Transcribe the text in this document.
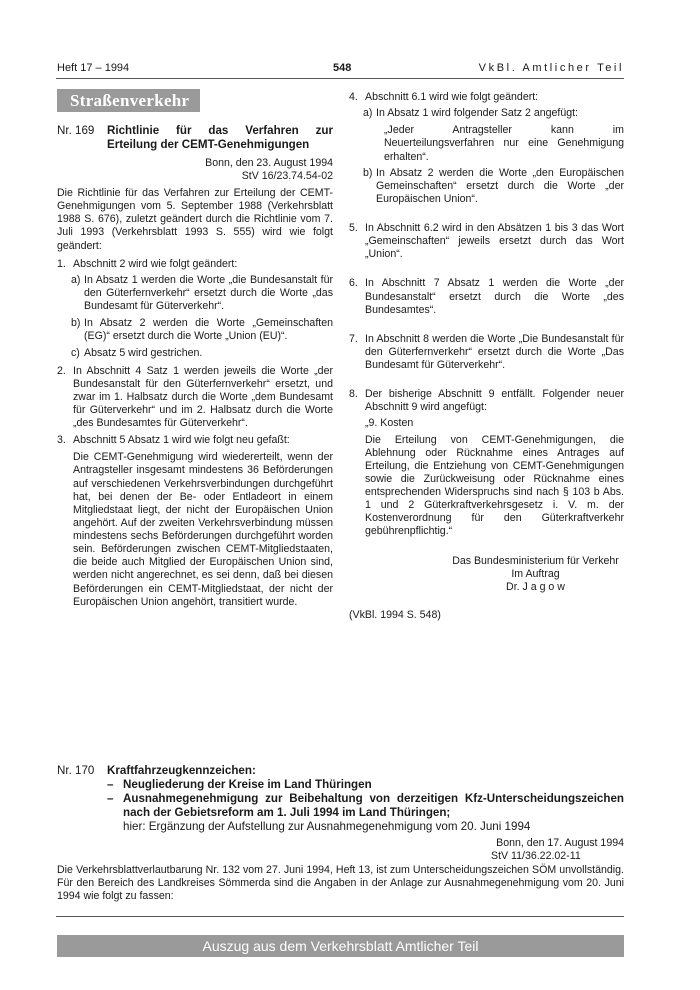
Heft 17 – 1994	548	VkBl. Amtlicher Teil
Straßenverkehr
Nr. 169 Richtlinie für das Verfahren zur
Erteilung der CEMT-Genehmigungen
Bonn, den 23. August 1994
StV 16/23.74.54-02

Die Richtlinie für das Verfahren zur Erteilung der CEMT-Genehmigungen vom 5. September 1988 (Verkehrsblatt 1988 S. 676), zuletzt geändert durch die Richtlinie vom 7. Juli 1993 (Verkehrsblatt 1993 S. 555) wird wie folgt geändert:

1. Abschnitt 2 wird wie folgt geändert:
a) In Absatz 1 werden die Worte „die Bundesanstalt für den Güterfernverkehr“ ersetzt durch die Worte „das Bundesamt für Güterverkehr“.
b) In Absatz 2 werden die Worte „Gemeinschaften (EG)“ ersetzt durch die Worte „Union (EU)“.
c) Absatz 5 wird gestrichen.
2. In Abschnitt 4 Satz 1 werden jeweils die Worte „der Bundesanstalt für den Güterfernverkehr“ ersetzt, und zwar im 1. Halbsatz durch die Worte „dem Bundesamt für Güterverkehr“ und im 2. Halbsatz durch die Worte „des Bundesamtes für Güterverkehr“.
3. Abschnitt 5 Absatz 1 wird wie folgt neu gefaßt:

Die CEMT-Genehmigung wird wiedererteilt, wenn der Antragsteller insgesamt mindestens 36 Beförderungen auf verschiedenen Verkehrsverbindungen durchgeführt hat, bei denen der Be- oder Entladeort in einem Mitgliedstaat liegt, der nicht der Europäischen Union angehört. Auf der zweiten Verkehrsverbindung müssen mindestens sechs Beförderungen durchgeführt worden sein. Beförderungen zwischen CEMT-Mitgliedstaaten, die beide auch Mitglied der Europäischen Union sind, werden nicht angerechnet, es sei denn, daß bei diesen Beförderungen ein CEMT-Mitgliedstaat, der nicht der Europäischen Union angehört, transitiert wurde.

4. Abschnitt 6.1 wird wie folgt geändert:
a) In Absatz 1 wird folgender Satz 2 angefügt:

„Jeder Antragsteller kann im Neuerteilungsverfahren nur eine Genehmigung erhalten“.

b) In Absatz 2 werden die Worte „den Europäischen Gemeinschaften“ ersetzt durch die Worte „der Europäischen Union“.
5. In Abschnitt 6.2 wird in den Absätzen 1 bis 3 das Wort „Gemeinschaften“ jeweils ersetzt durch das Wort „Union“.
6. In Abschnitt 7 Absatz 1 werden die Worte „der Bundesanstalt“ ersetzt durch die Worte „des Bundesamtes“.
7. In Abschnitt 8 werden die Worte „Die Bundesanstalt für den Güterfernverkehr“ ersetzt durch die Worte „Das Bundesamt für Güterverkehr“.
8. Der bisherige Abschnitt 9 entfällt. Folgender neuer Abschnitt 9 wird angefügt:

„9. Kosten

Die Erteilung von CEMT-Genehmigungen, die Ablehnung oder Rücknahme eines Antrages auf Erteilung, die Entziehung von CEMT-Genehmigungen sowie die Zurückweisung oder Rücknahme eines entsprechenden Widerspruchs sind nach § 103 b Abs. 1 und 2 Güterkraftverkehrsgesetz i. V. m. der Kostenverordnung für den Güterkraftverkehr gebührenpflichtig.“

Das Bundesministerium für Verkehr
Im Auftrag
Dr. J a g o w
(VkBl. 1994 S. 548)
Nr. 170 Kraftfahrzeugkennzeichen:
– Neugliederung der Kreise im Land Thüringen
– Ausnahmegenehmigung zur Beibehaltung von derzeitigen Kfz-Unterscheidungszeichen nach der Gebietsreform am 1. Juli 1994 im Land Thüringen;
hier: Ergänzung der Aufstellung zur Ausnahmegenehmigung vom 20. Juni 1994
Bonn, den 17. August 1994
StV 11/36.22.02-11

Die Verkehrsblattverlautbarung Nr. 132 vom 27. Juni 1994, Heft 13, ist zum Unterscheidungszeichen SÖM unvollständig. Für den Bereich des Landkreises Sömmerda sind die Angaben in der Anlage zur Ausnahmegenehmigung vom 20. Juni 1994 wie folgt zu fassen:

Auszug aus dem Verkehrsblatt Amtlicher Teil
